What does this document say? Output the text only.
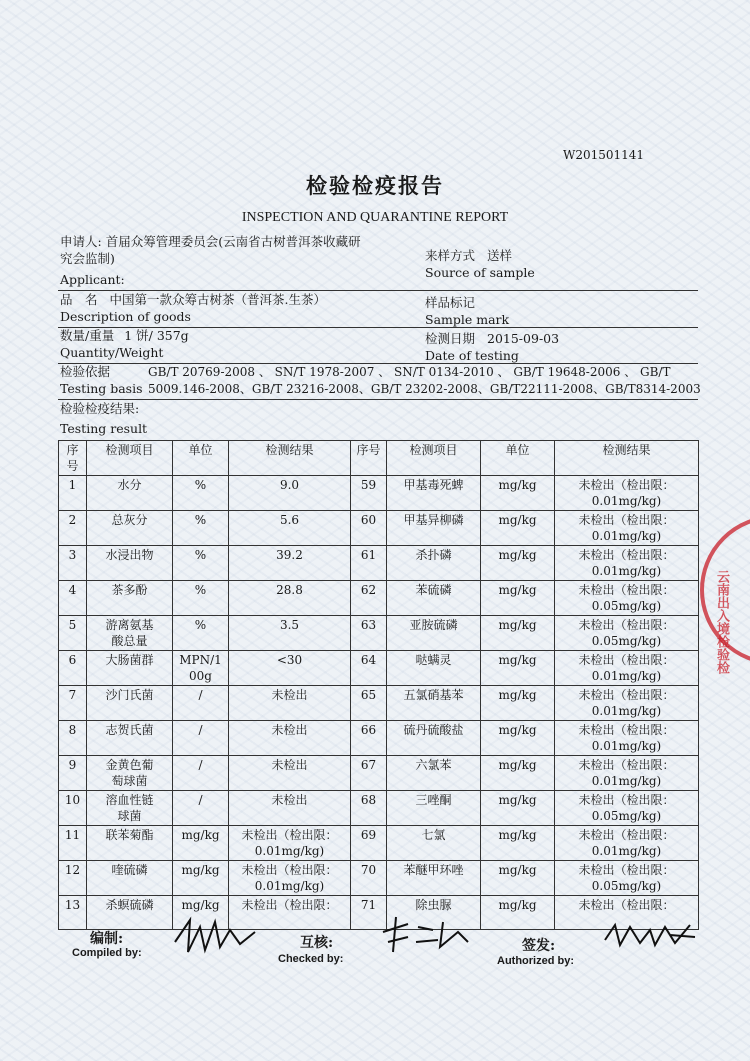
W201501141
检验检疫报告
INSPECTION AND QUARANTINE REPORT
申请人: 首届众筹管理委员会(云南省古树普洱茶收藏研
究会监制)
Applicant:
来样方式 送样
Source of sample
品　名 中国第一款众筹古树茶（普洱茶.生茶）
Description of goods
样品标记
Sample mark
数量/重量 1 饼/ 357g
Quantity/Weight
检测日期 2015-09-03
Date of testing
检验依据
Testing basis
GB/T 20769-2008 、 SN/T 1978-2007 、 SN/T 0134-2010 、 GB/T 19648-2006 、 GB/T
5009.146-2008、GB/T 23216-2008、GB/T 23202-2008、GB/T22111-2008、GB/T8314-2003
检验检疫结果:
Testing result
序
号	检测项目	单位	检测结果	序号	检测项目	单位	检测结果
1	水分	%	9.0	59	甲基毒死蜱	mg/kg	未检出（检出限：
0.01mg/kg)
2	总灰分	%	5.6	60	甲基异柳磷	mg/kg	未检出（检出限：
0.01mg/kg)
3	水浸出物	%	39.2	61	杀扑磷	mg/kg	未检出（检出限：
0.01mg/kg)
4	茶多酚	%	28.8	62	苯硫磷	mg/kg	未检出（检出限：
0.05mg/kg)
5	游离氨基
酸总量	%	3.5	63	亚胺硫磷	mg/kg	未检出（检出限：
0.05mg/kg)
6	大肠菌群	MPN/1
00g	<30	64	哒螨灵	mg/kg	未检出（检出限：
0.01mg/kg)
7	沙门氏菌	/	未检出	65	五氯硝基苯	mg/kg	未检出（检出限：
0.01mg/kg)
8	志贺氏菌	/	未检出	66	硫丹硫酸盐	mg/kg	未检出（检出限：
0.01mg/kg)
9	金黄色葡
萄球菌	/	未检出	67	六氯苯	mg/kg	未检出（检出限：
0.01mg/kg)
10	溶血性链
球菌	/	未检出	68	三唑酮	mg/kg	未检出（检出限：
0.05mg/kg)
11	联苯菊酯	mg/kg	未检出（检出限：
0.01mg/kg)	69	七氯	mg/kg	未检出（检出限：
0.01mg/kg)
12	喹硫磷	mg/kg	未检出（检出限：
0.01mg/kg)	70	苯醚甲环唑	mg/kg	未检出（检出限：
0.05mg/kg)
13	杀螟硫磷	mg/kg	未检出（检出限：	71	除虫脲	mg/kg	未检出（检出限：
云南出入境检验检
编制:
Compiled by:
互核:
Checked by:
签发:
Authorized by:
